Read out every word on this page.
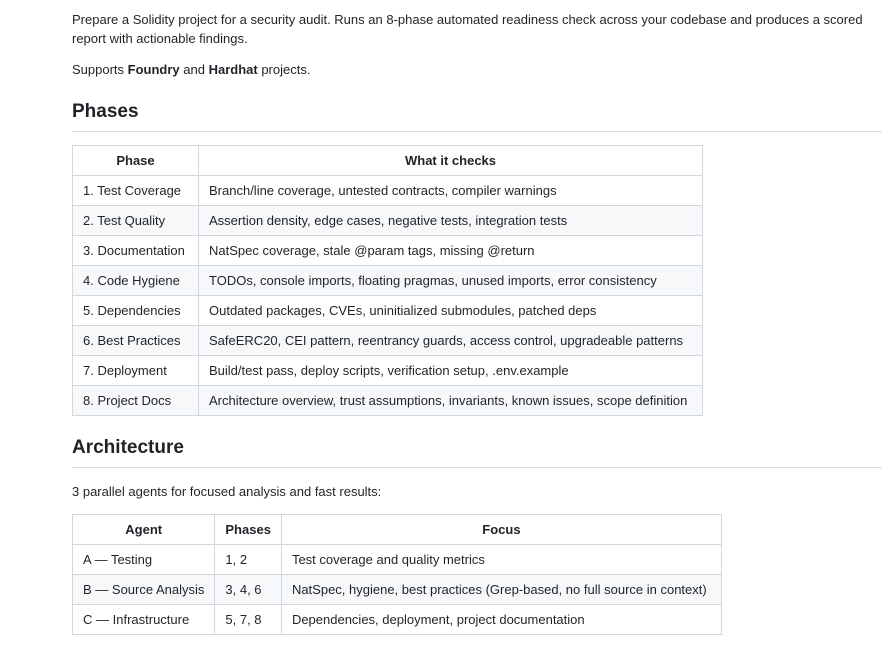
Prepare a Solidity project for a security audit. Runs an 8-phase automated readiness check across your codebase and produces a scored report with actionable findings.

Supports Foundry and Hardhat projects.

Phases
Phase	What it checks
1. Test Coverage	Branch/line coverage, untested contracts, compiler warnings
2. Test Quality	Assertion density, edge cases, negative tests, integration tests
3. Documentation	NatSpec coverage, stale @param tags, missing @return
4. Code Hygiene	TODOs, console imports, floating pragmas, unused imports, error consistency
5. Dependencies	Outdated packages, CVEs, uninitialized submodules, patched deps
6. Best Practices	SafeERC20, CEI pattern, reentrancy guards, access control, upgradeable patterns
7. Deployment	Build/test pass, deploy scripts, verification setup, .env.example
8. Project Docs	Architecture overview, trust assumptions, invariants, known issues, scope definition
Architecture

3 parallel agents for focused analysis and fast results:

Agent	Phases	Focus
A — Testing	1, 2	Test coverage and quality metrics
B — Source Analysis	3, 4, 6	NatSpec, hygiene, best practices (Grep-based, no full source in context)
C — Infrastructure	5, 7, 8	Dependencies, deployment, project documentation
